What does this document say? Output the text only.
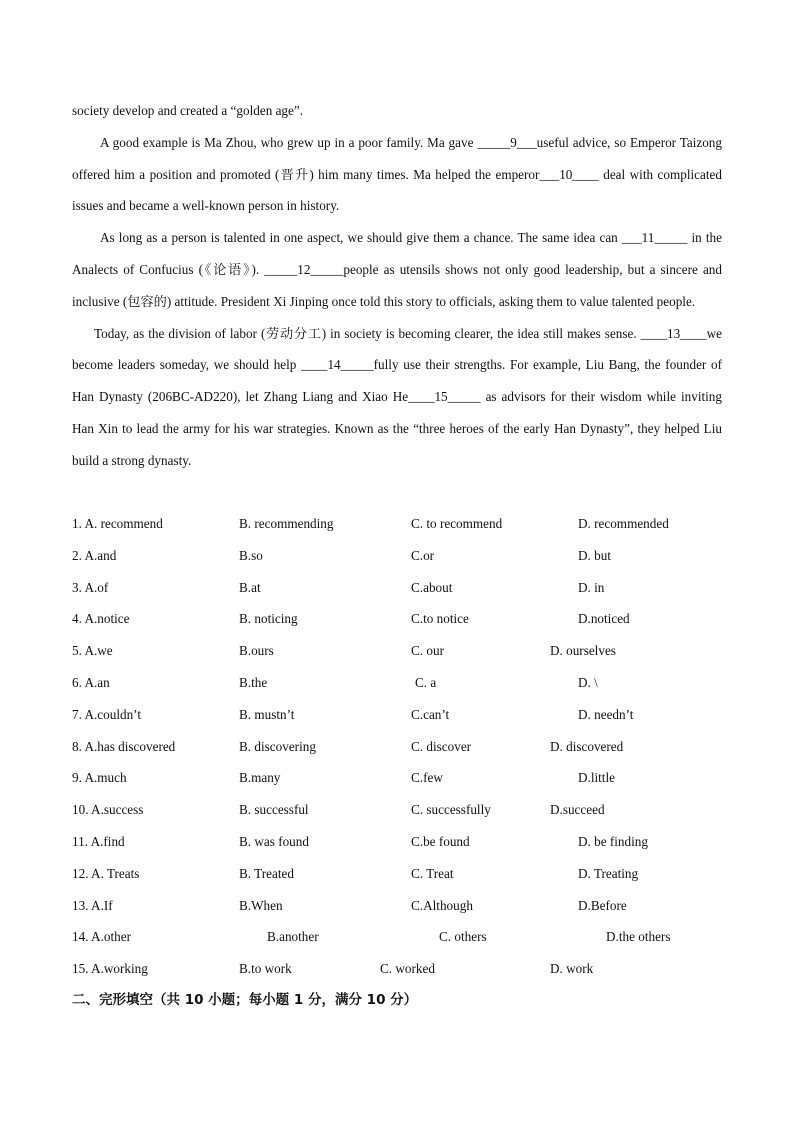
society develop and created a “golden age”.

A good example is Ma Zhou, who grew up in a poor family. Ma gave _____9___useful advice, so Emperor Taizong offered him a position and promoted (晋升) him many times. Ma helped the emperor___10____ deal with complicated issues and became a well-known person in history.

As long as a person is talented in one aspect, we should give them a chance. The same idea can ___11_____ in the Analects of Confucius (《论语》). _____12_____people as utensils shows not only good leadership, but a sincere and inclusive (包容的) attitude. President Xi Jinping once told this story to officials, asking them to value talented people.

Today, as the division of labor (劳动分工) in society is becoming clearer, the idea still makes sense. ____13____we become leaders someday, we should help ____14_____fully use their strengths. For example, Liu Bang, the founder of Han Dynasty (206BC-AD220), let Zhang Liang and Xiao He____15_____ as advisors for their wisdom while inviting Han Xin to lead the army for his war strategies. Known as the “three heroes of the early Han Dynasty”, they helped Liu build a strong dynasty.

1. A. recommend	B. recommending	C. to recommend	D. recommended
2. A.and	B.so	C.or	D. but
3. A.of	B.at	C.about	D. in
4. A.notice	B. noticing	C.to notice	D.noticed
5. A.we	B.ours	C. our	D. ourselves
6. A.an	B.the	C. a	D. \
7. A.couldn’t	B. mustn’t	C.can’t	D. needn’t
8. A.has discovered	B. discovering	C. discover	D. discovered
9. A.much	B.many	C.few	D.little
10. A.success	B. successful	C. successfully	D.succeed
11. A.find	B. was found	C.be found	D. be finding
12. A. Treats	B. Treated	C. Treat	D. Treating
13. A.If	B.When	C.Although	D.Before
14. A.other	B.another	C. others	D.the others
15. A.working	B.to work	C. worked	D. work
二、完形填空（共 10 小题；每小题 1 分，满分 10 分）
